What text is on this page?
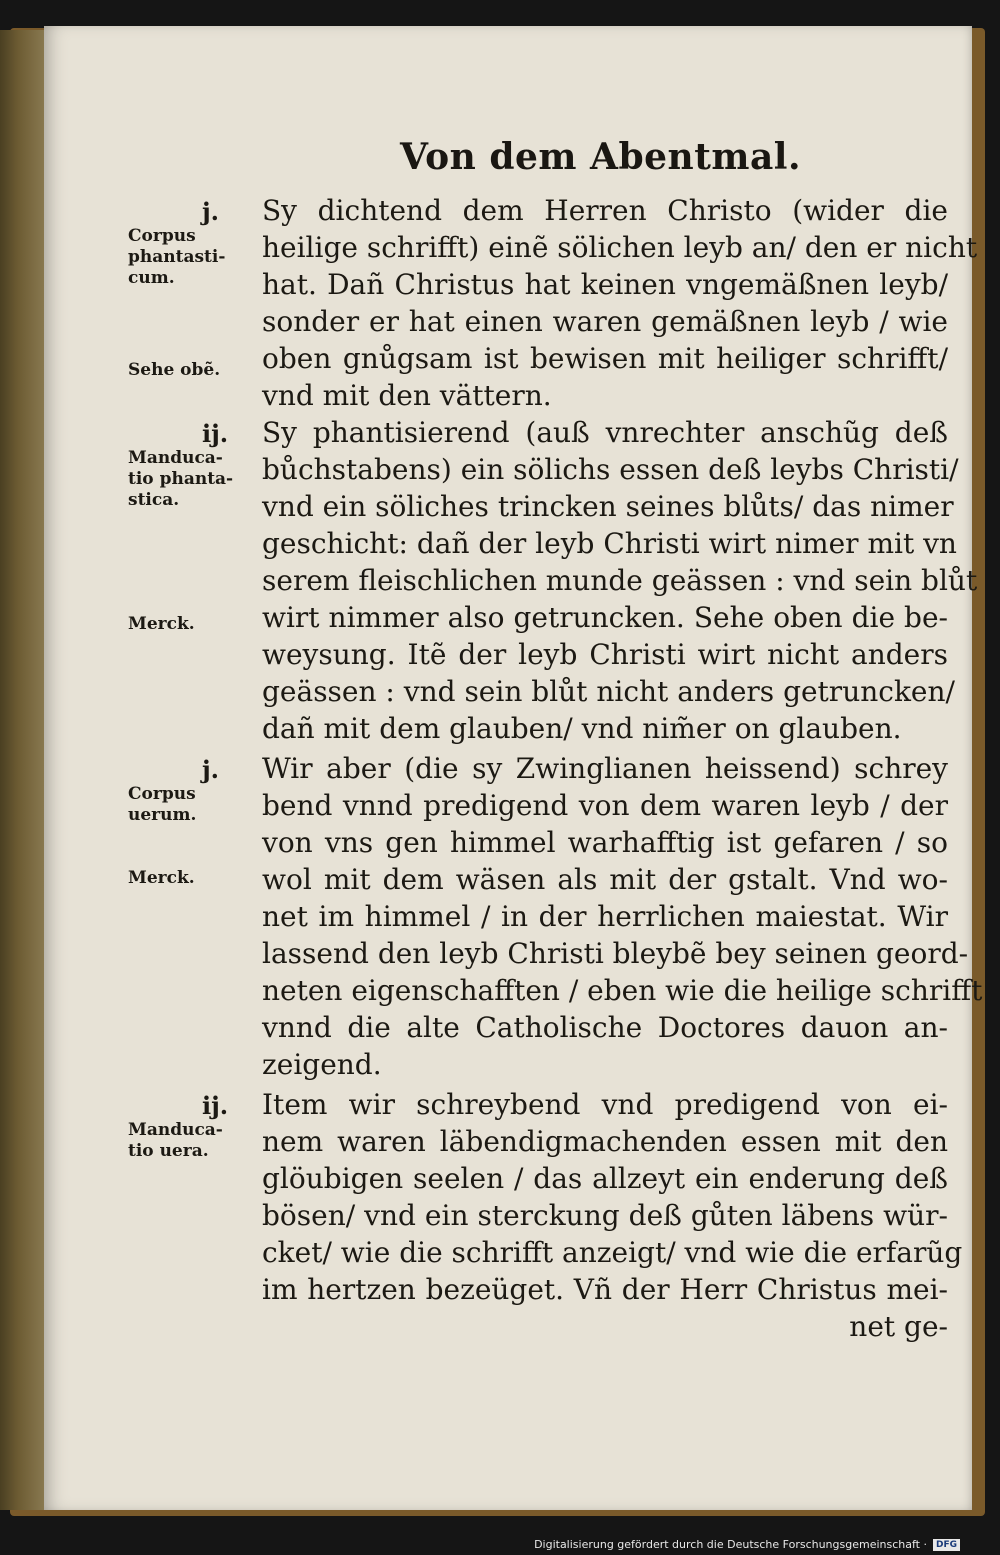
Von dem Abentmal.
j.
Corpus phantasti- cum.
Sehe obẽ.
ij.
Manduca- tio phanta- stica.
Merck.
j.
Corpus uerum.
Merck.
ij.
Manduca- tio uera.
Sy dichtend dem Herren Christo (wider die
heilige schrifft) einẽ sölichen leyb an/ den er nicht
hat. Dañ Christus hat keinen vngemäßnen leyb/
sonder er hat einen waren gemäßnen leyb / wie
oben gnůgsam ist bewisen mit heiliger schrifft/
vnd mit den vättern.
Sy phantisierend (auß vnrechter anschũg deß
bůchstabens) ein sölichs essen deß leybs Christi/
vnd ein söliches trincken seines blůts/ das nimer
geschicht: dañ der leyb Christi wirt nimer mit vn
serem fleischlichen munde geässen : vnd sein blůt
wirt nimmer also getruncken. Sehe oben die be-
weysung. Itẽ der leyb Christi wirt nicht anders
geässen : vnd sein blůt nicht anders getruncken/
dañ mit dem glauben/ vnd nim̃er on glauben.
Wir aber (die sy Zwinglianen heissend) schrey
bend vnnd predigend von dem waren leyb / der
von vns gen himmel warhafftig ist gefaren / so
wol mit dem wäsen als mit der gstalt. Vnd wo-
net im himmel / in der herrlichen maiestat. Wir
lassend den leyb Christi bleybẽ bey seinen geord-
neten eigenschafften / eben wie die heilige schrifft
vnnd die alte Catholische Doctores dauon an-
zeigend.
Item wir schreybend vnd predigend von ei-
nem waren läbendigmachenden essen mit den
glöubigen seelen / das allzeyt ein enderung deß
bösen/ vnd ein sterckung deß gůten läbens wür-
cket/ wie die schrifft anzeigt/ vnd wie die erfarũg
im hertzen bezeüget. Vñ der Herr Christus mei-
net ge-
Digitalisierung gefördert durch die Deutsche Forschungsgemeinschaft ·	DFG
